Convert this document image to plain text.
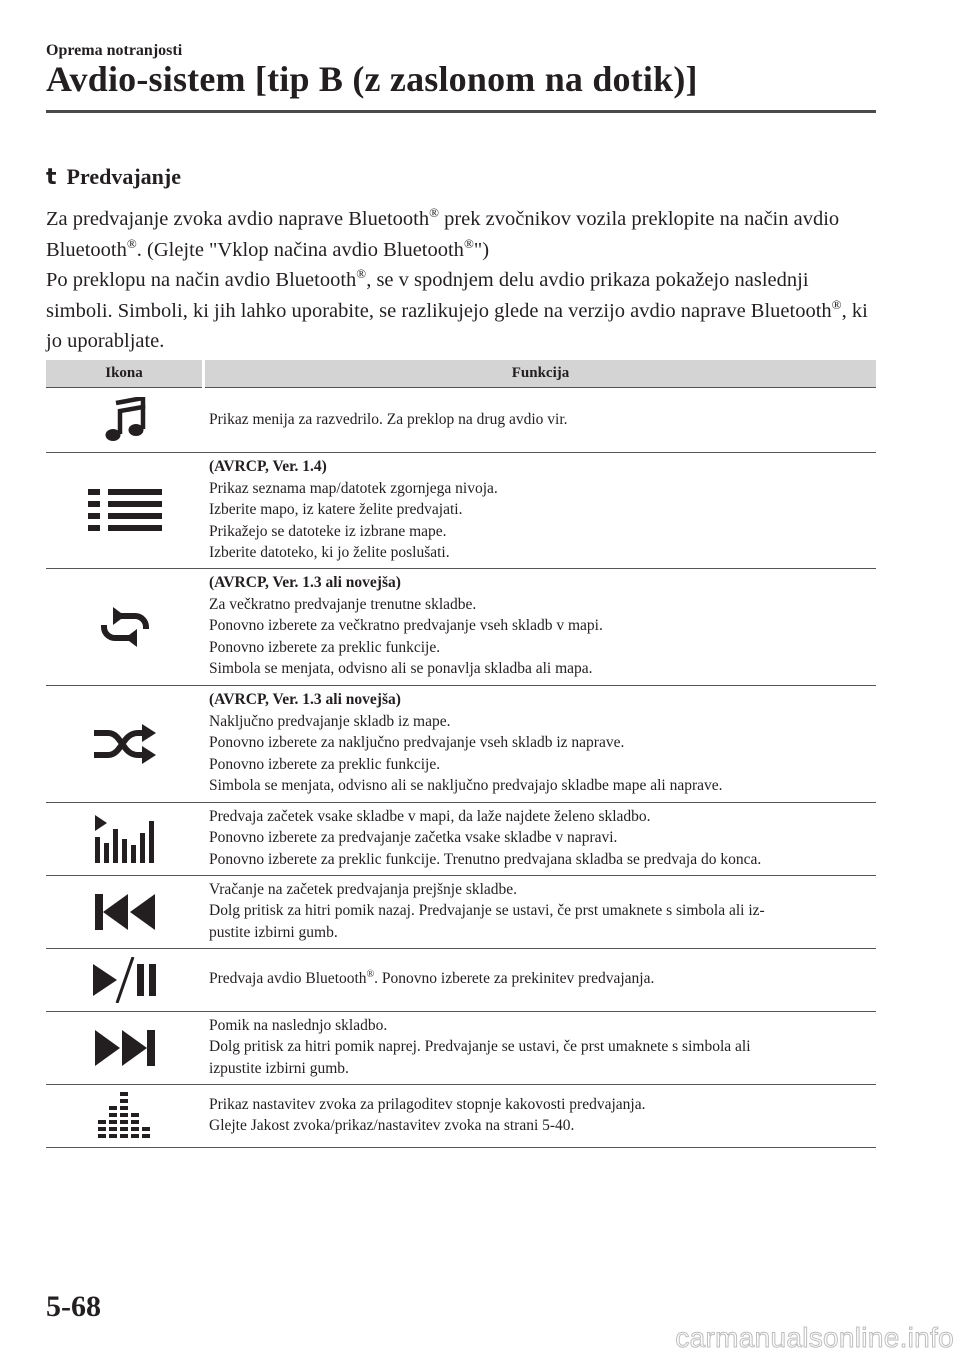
Oprema notranjosti
Avdio-sistem [tip B (z zaslonom na dotik)]
t Predvajanje

Za predvajanje zvoka avdio naprave Bluetooth® prek zvočnikov vozila preklopite na način avdio Bluetooth®. (Glejte "Vklop načina avdio Bluetooth®")
Po preklopu na način avdio Bluetooth®, se v spodnjem delu avdio prikaza pokažejo naslednji simboli. Simboli, ki jih lahko uporabite, se razlikujejo glede na verzijo avdio naprave Bluetooth®, ki jo uporabljate.

Ikona	Funkcija

Prikaz menija za razvedrilo. Za preklop na drug avdio vir.

(AVRCP, Ver. 1.4)
Prikaz seznama map/datotek zgornjega nivoja.
Izberite mapo, iz katere želite predvajati.
Prikažejo se datoteke iz izbrane mape.
Izberite datoteko, ki jo želite poslušati.

(AVRCP, Ver. 1.3 ali novejša)
Za večkratno predvajanje trenutne skladbe.
Ponovno izberete za večkratno predvajanje vseh skladb v mapi.
Ponovno izberete za preklic funkcije.
Simbola se menjata, odvisno ali se ponavlja skladba ali mapa.

(AVRCP, Ver. 1.3 ali novejša)
Naključno predvajanje skladb iz mape.
Ponovno izberete za naključno predvajanje vseh skladb iz naprave.
Ponovno izberete za preklic funkcije.
Simbola se menjata, odvisno ali se naključno predvajajo skladbe mape ali naprave.

Predvaja začetek vsake skladbe v mapi, da laže najdete želeno skladbo.
Ponovno izberete za predvajanje začetka vsake skladbe v napravi.
Ponovno izberete za preklic funkcije. Trenutno predvajana skladba se predvaja do konca.

Vračanje na začetek predvajanja prejšnje skladbe.
Dolg pritisk za hitri pomik nazaj. Predvajanje se ustavi, če prst umaknete s simbola ali iz-
pustite izbirni gumb.

Predvaja avdio Bluetooth®. Ponovno izberete za prekinitev predvajanja.

Pomik na naslednjo skladbo.
Dolg pritisk za hitri pomik naprej. Predvajanje se ustavi, če prst umaknete s simbola ali
izpustite izbirni gumb.

Prikaz nastavitev zvoka za prilagoditev stopnje kakovosti predvajanja.
Glejte Jakost zvoka/prikaz/nastavitev zvoka na strani 5-40.
5-68
carmanualsonline.info
